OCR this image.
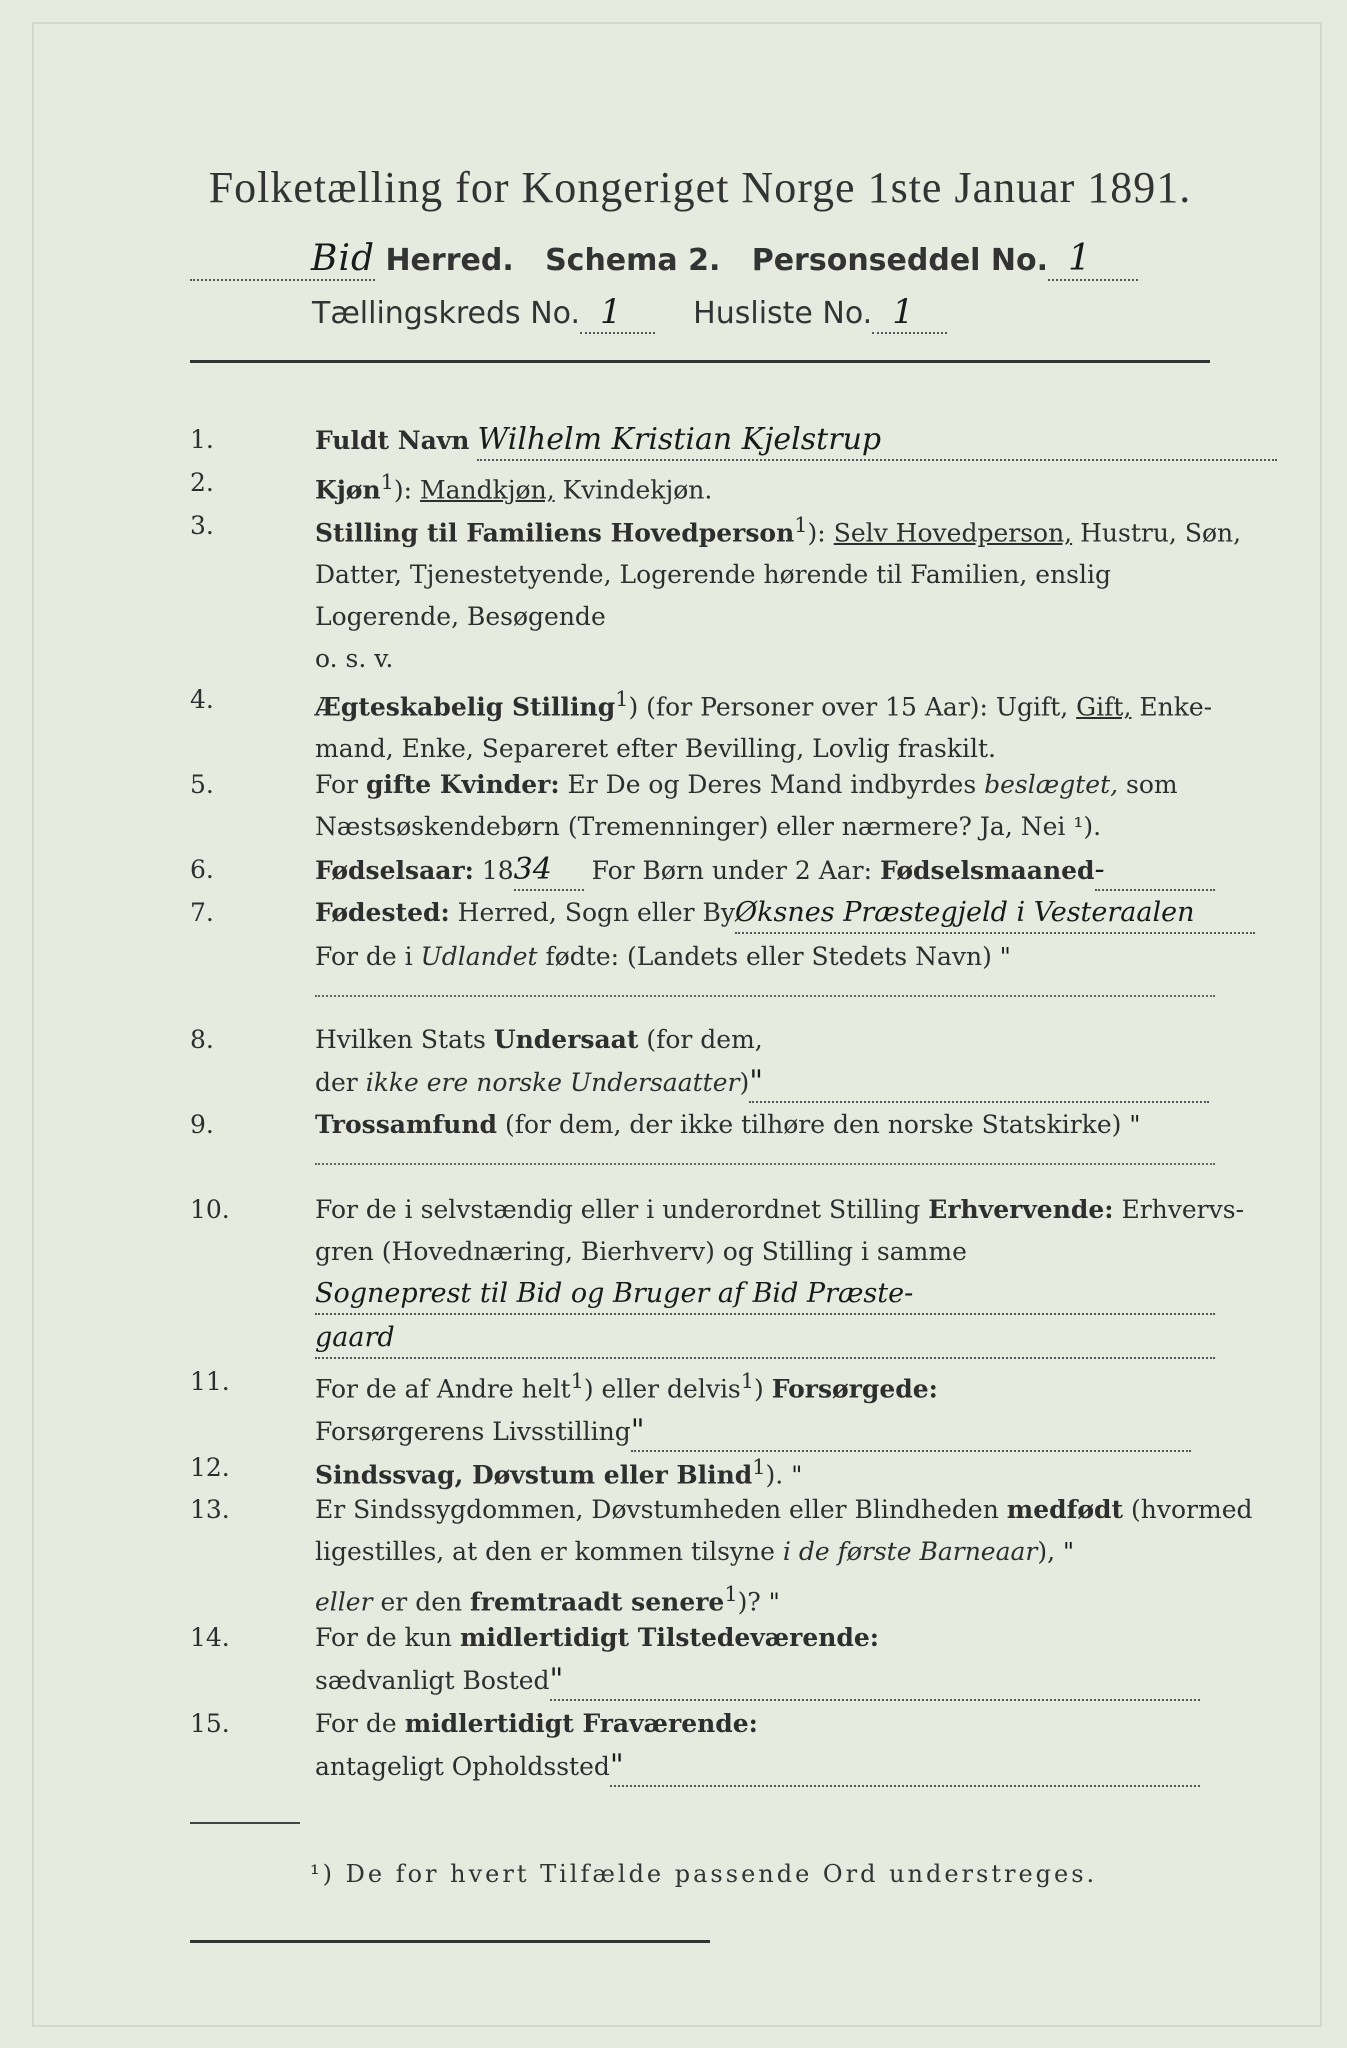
Folketælling for Kongeriget Norge 1ste Januar 1891.
Bid Herred. Schema 2. Personseddel No. 1
Tællingskreds No. 1 Husliste No. 1
1.	Fuldt Navn Wilhelm Kristian Kjelstrup
2.	Kjøn$^1$): Mandkjøn, Kvindekjøn.
3.	Stilling til Familiens Hovedperson$^1$): Selv Hovedperson, Hustru, Søn,
Datter, Tjenestetyende, Logerende hørende til Familien, enslig
Logerende, Besøgende
o. s. v.
4.	Ægteskabelig Stilling$^1$) (for Personer over 15 Aar): Ugift, Gift, Enke-
mand, Enke, Separeret efter Bevilling, Lovlig fraskilt.
5.	For gifte Kvinder: Er De og Deres Mand indbyrdes beslægtet, som
Næstsøskendebørn (Tremenninger) eller nærmere? Ja, Nei ¹).
6.	Fødselsaar: 1834 For Børn under 2 Aar: Fødselsmaaned-
7.	Fødested: Herred, Sogn eller ByØksnes Præstegjeld i Vesteraalen
For de i Udlandet fødte: (Landets eller Stedets Navn) "
8.	Hvilken Stats Undersaat (for dem,
der ikke ere norske Undersaatter)"
9.	Trossamfund (for dem, der ikke tilhøre den norske Statskirke) "
10.	For de i selvstændig eller i underordnet Stilling Erhvervende: Erhvervs-
gren (Hovednæring, Bierhverv) og Stilling i samme
Sogneprest til Bid og Bruger af Bid Præste-
gaard
11.	For de af Andre helt$^1$) eller delvis$^1$) Forsørgede:
Forsørgerens Livsstilling"
12.	Sindssvag, Døvstum eller Blind$^1$). "
13.	Er Sindssygdommen, Døvstumheden eller Blindheden medfødt (hvormed
ligestilles, at den er kommen tilsyne i de første Barneaar), "
eller er den fremtraadt senere$^1$)? "
14.	For de kun midlertidigt Tilstedeværende:
sædvanligt Bosted"
15.	For de midlertidigt Fraværende:
antageligt Opholdssted"
¹) De for hvert Tilfælde passende Ord understreges.
